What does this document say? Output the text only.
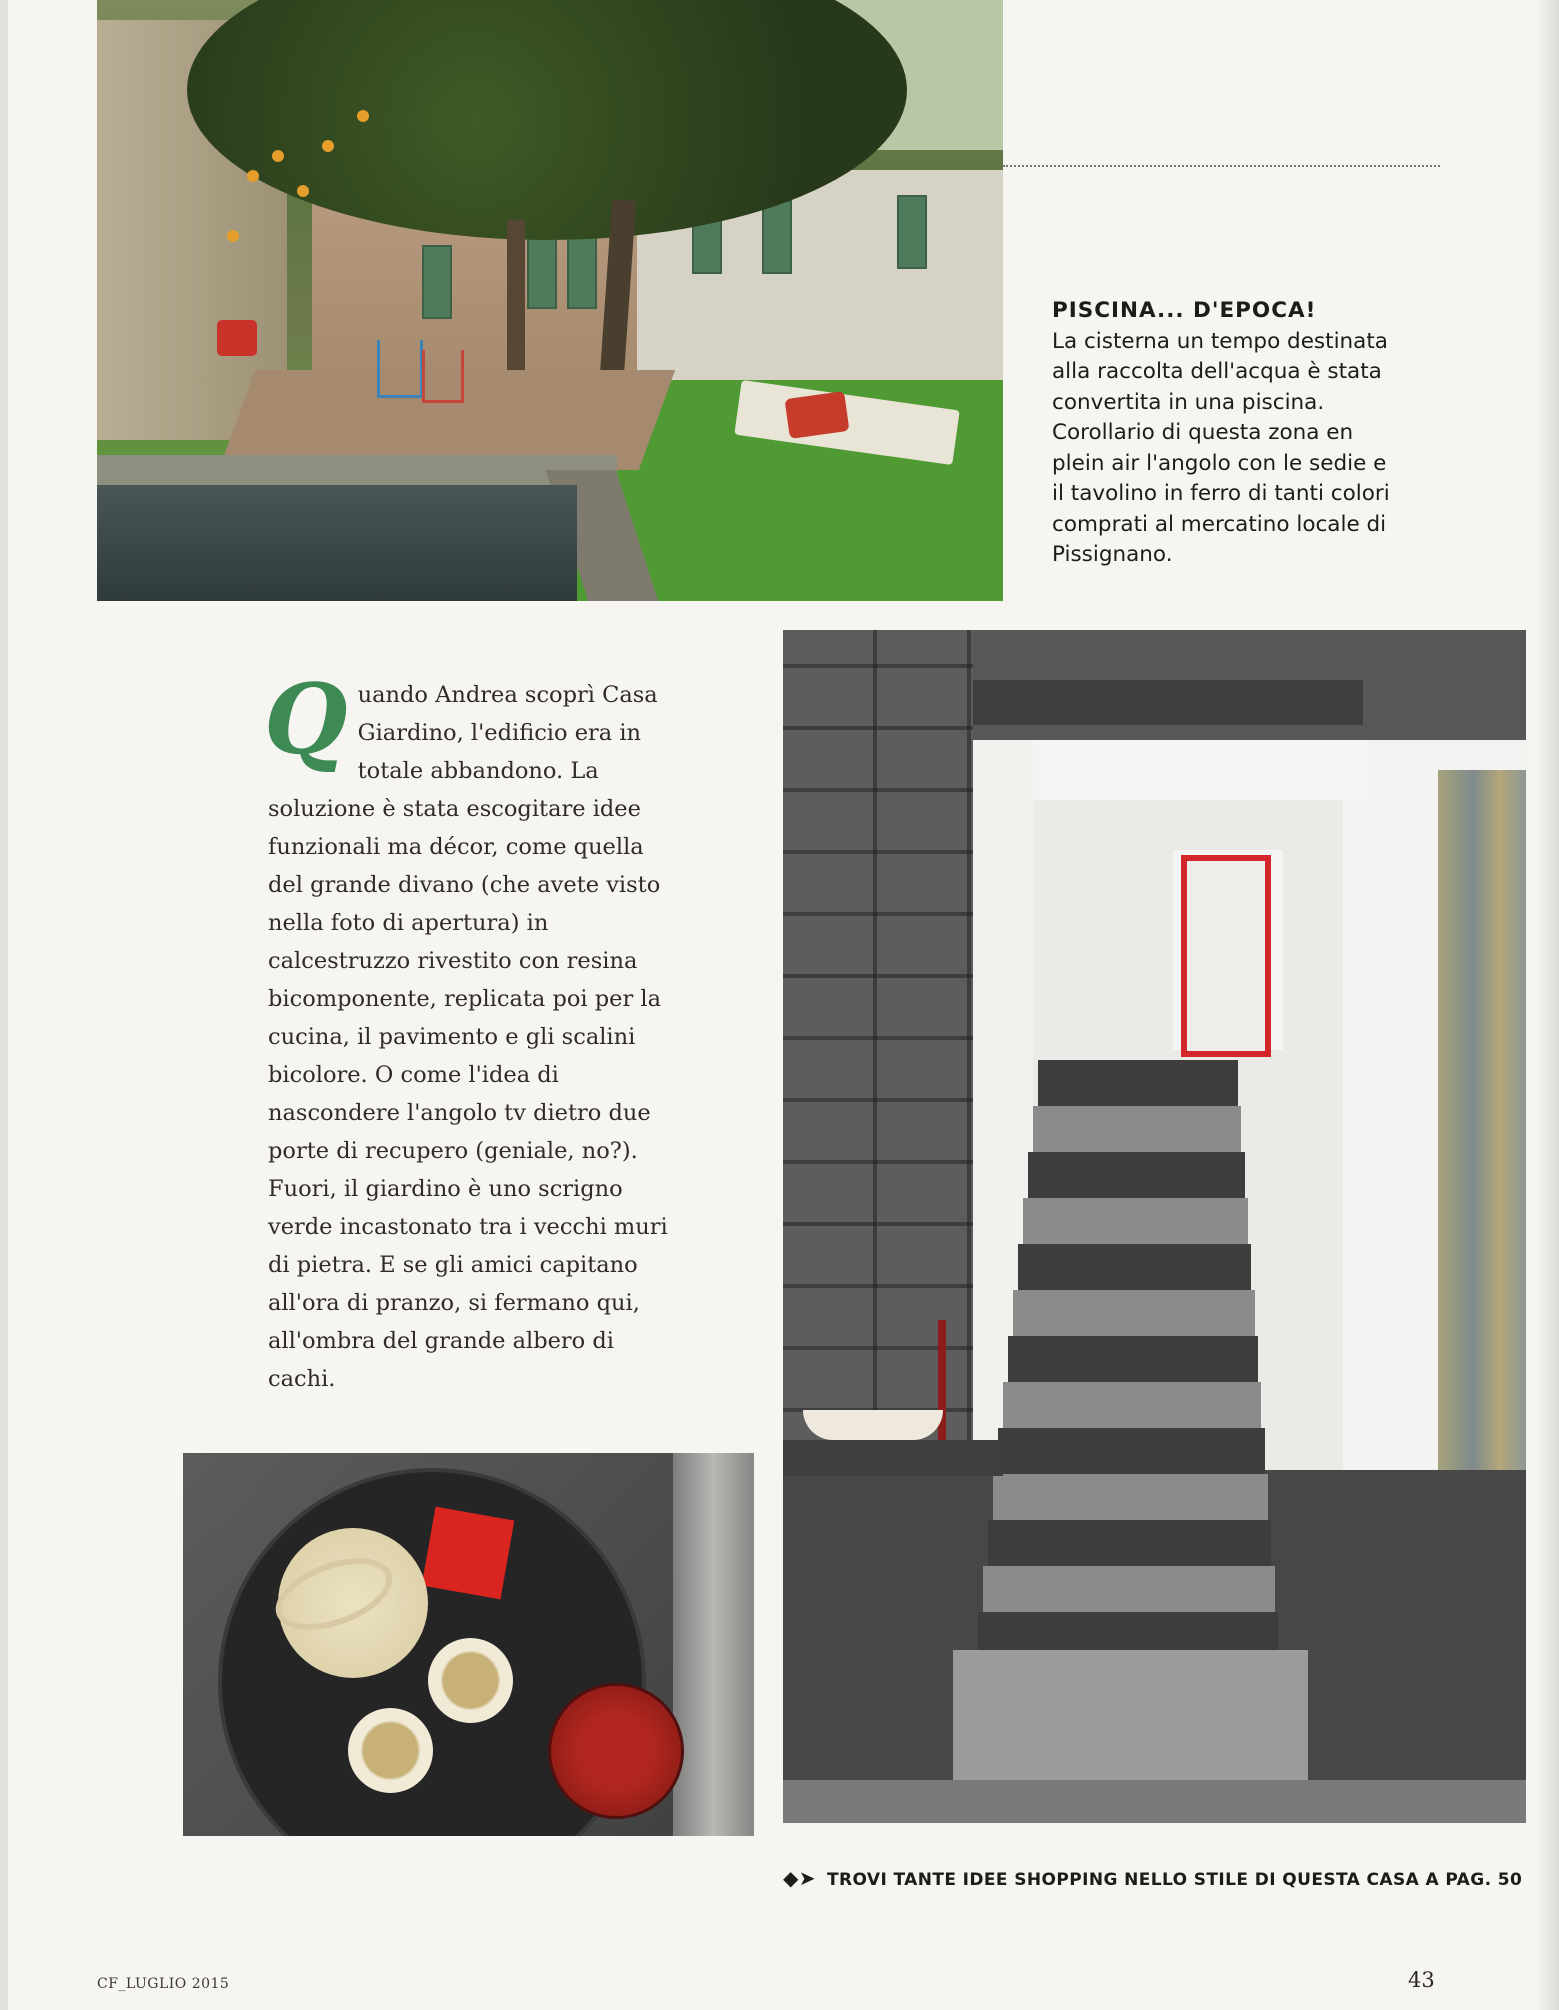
PISCINA... D'EPOCA!
La cisterna un tempo destinata alla raccolta dell'acqua è stata convertita in una piscina. Corollario di questa zona en plein air l'angolo con le sedie e il tavolino in ferro di tanti colori comprati al mercatino locale di Pissignano.
Q uando Andrea scoprì Casa Giardino, l'edificio era in totale abbandono. La soluzione è stata escogitare idee funzionali ma décor, come quella del grande divano (che avete visto nella foto di apertura) in calcestruzzo rivestito con resina bicomponente, replicata poi per la cucina, il pavimento e gli scalini bicolore. O come l'idea di nascondere l'angolo tv dietro due porte di recupero (geniale, no?). Fuori, il giardino è uno scrigno verde incastonato tra i vecchi muri di pietra. E se gli amici capitano all'ora di pranzo, si fermano qui, all'ombra del grande albero di cachi.
◆➤ TROVI TANTE IDEE SHOPPING NELLO STILE DI QUESTA CASA A PAG. 50
CF_LUGLIO 2015	43
